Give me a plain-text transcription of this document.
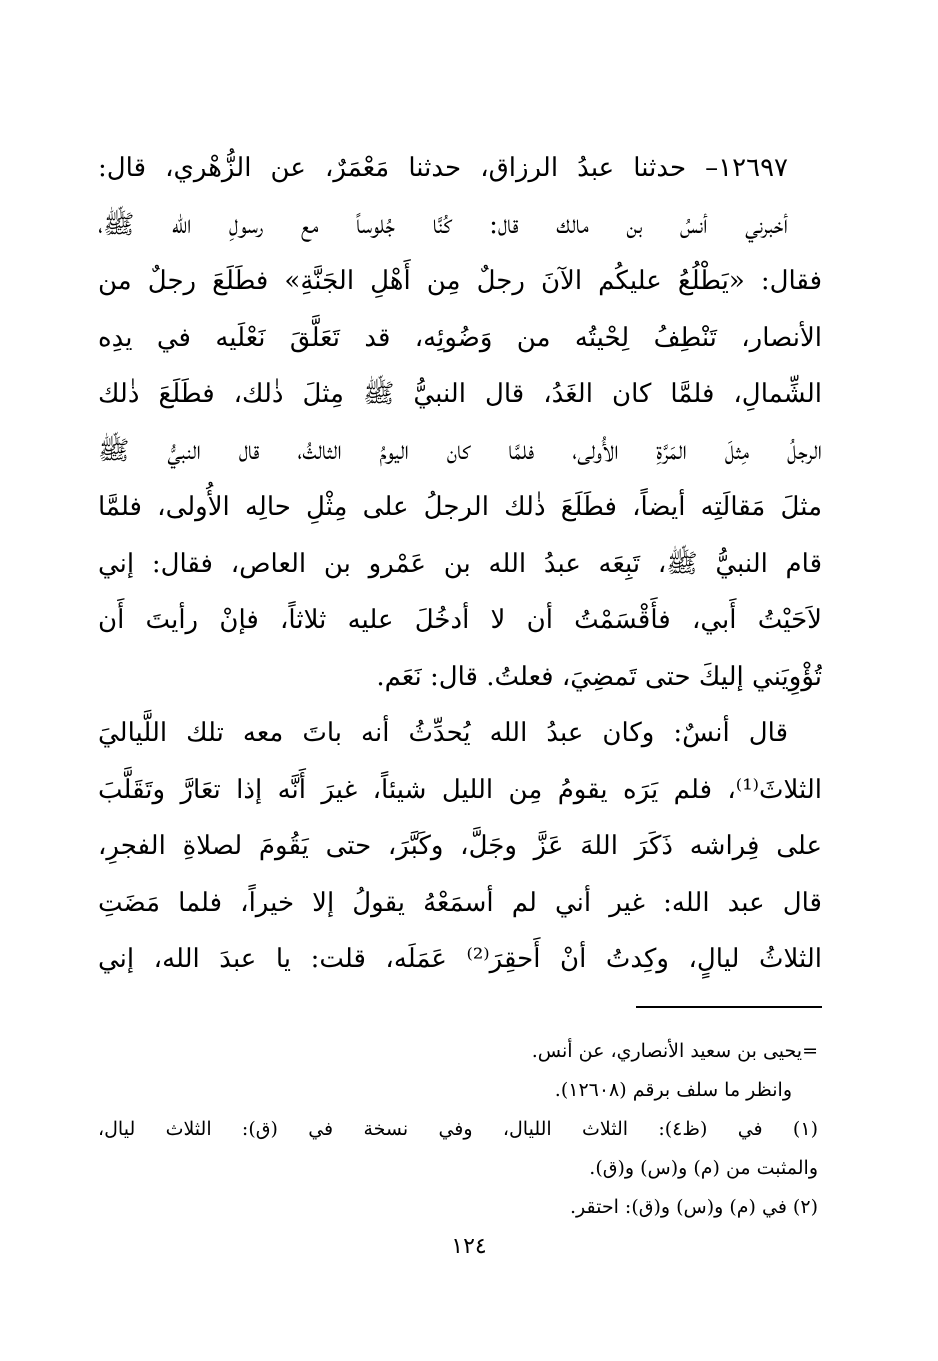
١٢٦٩٧– حدثنا عبدُ الرزاق، حدثنا مَعْمَرٌ، عن الزُّهْري، قال:
أخبرني أنسُ بن مالك قال: كُنَّا جُلوساً مع رسولِ الله ﷺ،
فقال: «يَطْلُعُ عليكُم الآنَ رجلٌ مِن أَهْلِ الجَنَّةِ» فطَلَعَ رجلٌ من
الأنصار، تَنْطِفُ لِحْيتُه من وَضُوئِه، قد تَعَلَّقَ نَعْلَيه في يدِه
الشِّمالِ، فلمَّا كان الغَدُ، قال النبيُّ ﷺ مِثلَ ذٰلك، فطَلَعَ ذٰلك
الرجلُ مِثلَ المَرَّةِ الأُولى، فلمَّا كان اليومُ الثالثُ، قال النبيُّ ﷺ
مثلَ مَقالَتِه أيضاً، فطَلَعَ ذٰلك الرجلُ على مِثْلِ حالِه الأُولى، فلمَّا
قام النبيُّ ﷺ، تَبِعَه عبدُ الله بن عَمْرو بن العاص، فقال: إني
لاَحَيْتُ أَبي، فأَقْسَمْتُ أن لا أدخُلَ عليه ثلاثاً، فإنْ رأيتَ أَن
تُؤْوِيَني إليكَ حتى تَمضِيَ، فعلتُ. قال: نَعَم.
قال أنسٌ: وكان عبدُ الله يُحدِّثُ أنه باتَ معه تلك اللَّياليَ
الثلاثَ⁽¹⁾، فلم يَرَه يقومُ مِن الليل شيئاً، غيرَ أَنَّه إذا تعَارَّ وتَقَلَّبَ
على فِراشه ذَكَرَ اللهَ عَزَّ وجَلَّ، وكَبَّرَ، حتى يَقُومَ لصلاةِ الفجرِ،
قال عبد الله: غير أني لم أسمَعْهُ يقولُ إلا خيراً، فلما مَضَتِ
الثلاثُ ليالٍ، وكِدتُ أنْ أَحقِرَ⁽²⁾ عَمَلَه، قلت: يا عبدَ الله، إني
=يحيى بن سعيد الأنصاري، عن أنس.
وانظر ما سلف برقم (١٢٦٠٨).
(١) في (ظ٤): الثلاث الليال، وفي نسخة في (ق): الثلاث ليال،
والمثبت من (م) و(س) و(ق).
(٢) في (م) و(س) و(ق): احتقر.
١٢٤
